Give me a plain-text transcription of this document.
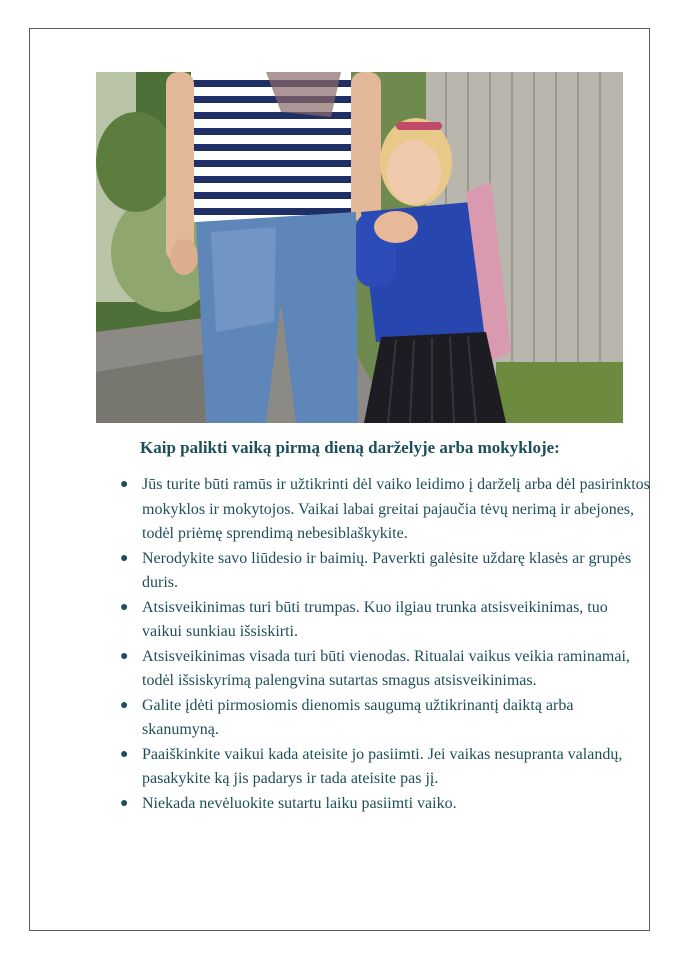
Kaip palikti vaiką pirmą dieną darželyje arba mokykloje:
● Jūs turite būti ramūs ir užtikrinti dėl vaiko leidimo į darželį arba dėl pasirinktos mokyklos ir mokytojos. Vaikai labai greitai pajaučia tėvų nerimą ir abejones, todėl priėmę sprendimą nebesiblaškykite.
● Nerodykite savo liūdesio ir baimių. Paverkti galėsite uždarę klasės ar grupės duris.
● Atsisveikinimas turi būti trumpas. Kuo ilgiau trunka atsisveikinimas, tuo vaikui sunkiau išsiskirti.
● Atsisveikinimas visada turi būti vienodas. Ritualai vaikus veikia raminamai, todėl išsiskyrimą palengvina sutartas smagus atsisveikinimas.
● Galite įdėti pirmosiomis dienomis saugumą užtikrinantį daiktą arba skanumyną.
● Paaiškinkite vaikui kada ateisite jo pasiimti. Jei vaikas nesupranta valandų, pasakykite ką jis padarys ir tada ateisite pas jį.
● Niekada nevėluokite sutartu laiku pasiimti vaiko.
